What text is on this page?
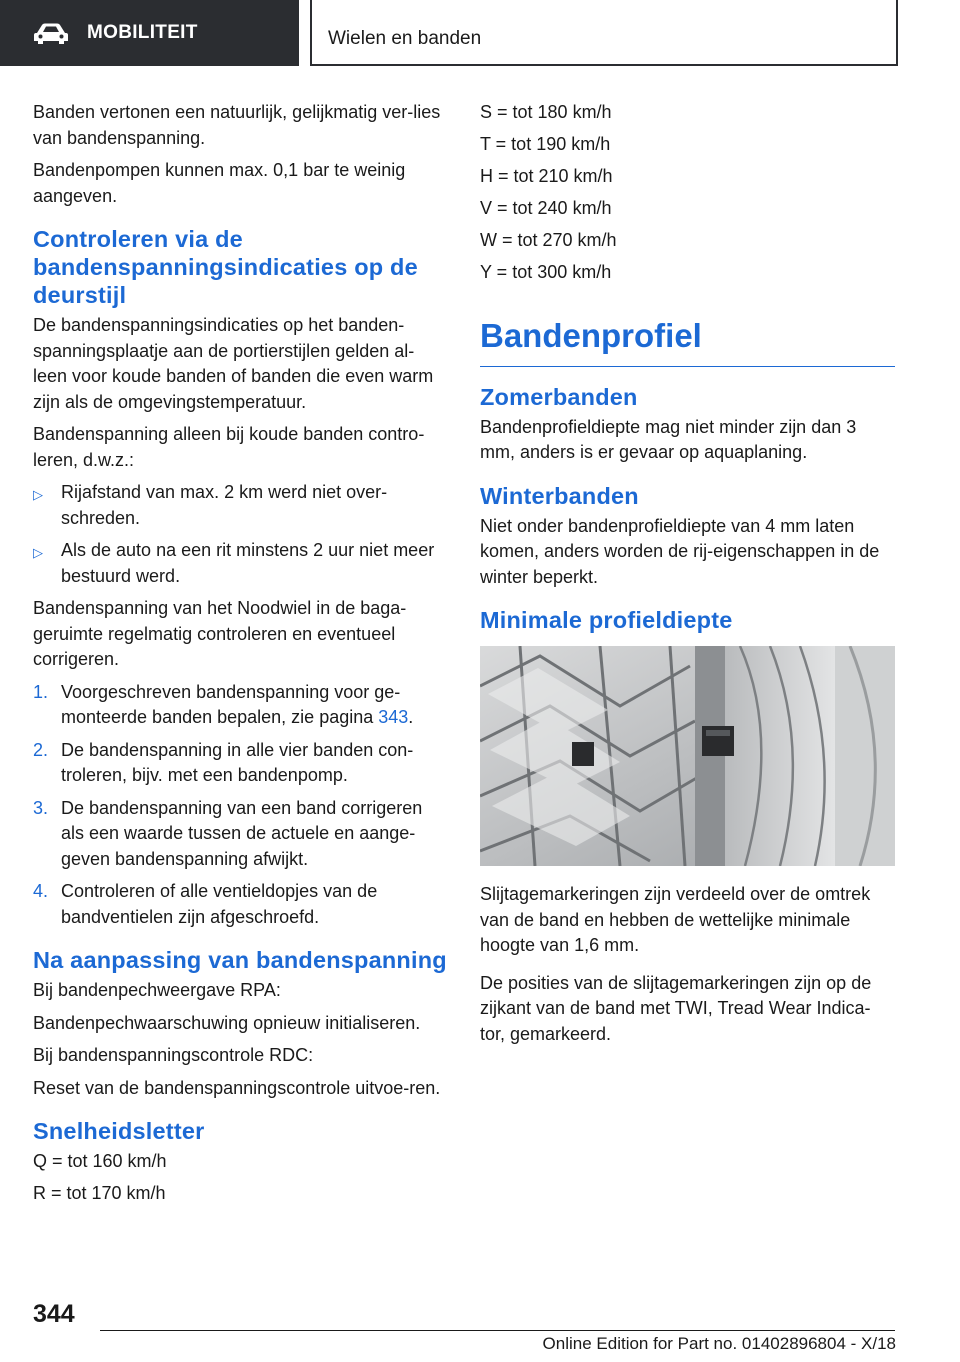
MOBILITEIT	Wielen en banden

Banden vertonen een natuurlijk, gelijkmatig ver-lies van bandenspanning.

Bandenpompen kunnen max. 0,1 bar te weinig aangeven.

Controleren via de bandenspanningsindicaties op de deurstijl

De bandenspanningsindicaties op het banden-spanningsplaatje aan de portierstijlen gelden al-leen voor koude banden of banden die even warm zijn als de omgevingstemperatuur.

Bandenspanning alleen bij koude banden contro-leren, d.w.z.:

▷ Rijafstand van max. 2 km werd niet over-schreden.
▷ Als de auto na een rit minstens 2 uur niet meer bestuurd werd.

Bandenspanning van het Noodwiel in de baga-geruimte regelmatig controleren en eventueel corrigeren.

1. Voorgeschreven bandenspanning voor ge-monteerde banden bepalen, zie pagina 343.
2. De bandenspanning in alle vier banden con-troleren, bijv. met een bandenpomp.
3. De bandenspanning van een band corrigeren als een waarde tussen de actuele en aange-geven bandenspanning afwijkt.
4. Controleren of alle ventieldopjes van de bandventielen zijn afgeschroefd.
Na aanpassing van bandenspanning

Bij bandenpechweergave RPA:

Bandenpechwaarschuwing opnieuw initialiseren.

Bij bandenspanningscontrole RDC:

Reset van de bandenspanningscontrole uitvoe-ren.

Snelheidsletter

Q = tot 160 km/h

R = tot 170 km/h

S = tot 180 km/h

T = tot 190 km/h

H = tot 210 km/h

V = tot 240 km/h

W = tot 270 km/h

Y = tot 300 km/h

Bandenprofiel
Zomerbanden

Bandenprofieldiepte mag niet minder zijn dan 3 mm, anders is er gevaar op aquaplaning.

Winterbanden

Niet onder bandenprofieldiepte van 4 mm laten komen, anders worden de rij-eigenschappen in de winter beperkt.

Minimale profieldiepte

Slijtagemarkeringen zijn verdeeld over de omtrek van de band en hebben de wettelijke minimale hoogte van 1,6 mm.

De posities van de slijtagemarkeringen zijn op de zijkant van de band met TWI, Tread Wear Indica-tor, gemarkeerd.

344
Online Edition for Part no. 01402896804 - X/18
